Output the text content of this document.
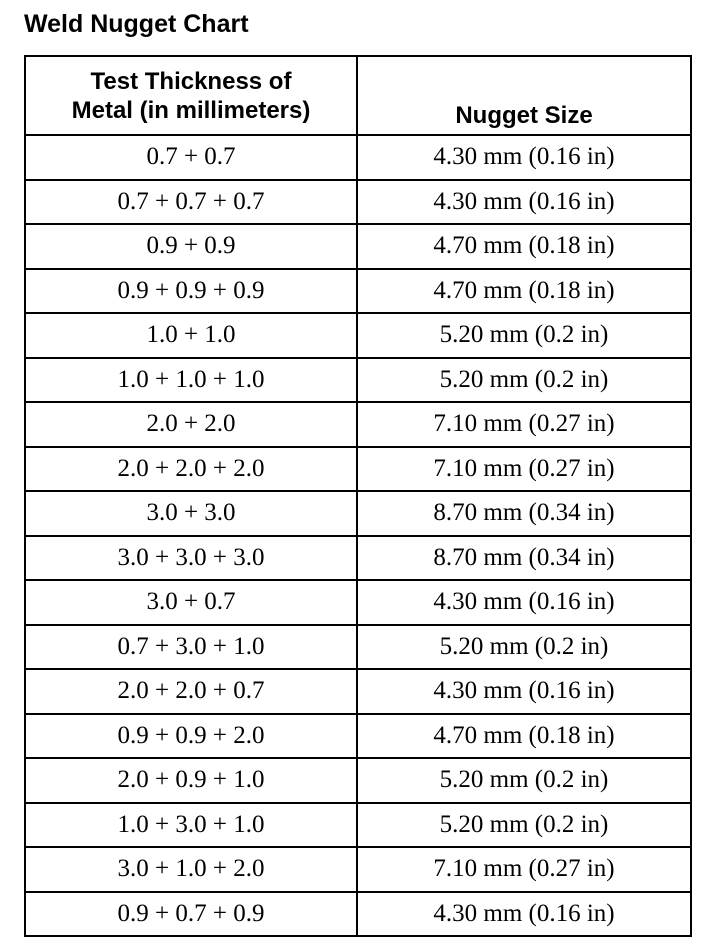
Weld Nugget Chart
Test Thickness of
Metal (in millimeters)	Nugget Size
0.7 + 0.7	4.30 mm (0.16 in)
0.7 + 0.7 + 0.7	4.30 mm (0.16 in)
0.9 + 0.9	4.70 mm (0.18 in)
0.9 + 0.9 + 0.9	4.70 mm (0.18 in)
1.0 + 1.0	5.20 mm (0.2 in)
1.0 + 1.0 + 1.0	5.20 mm (0.2 in)
2.0 + 2.0	7.10 mm (0.27 in)
2.0 + 2.0 + 2.0	7.10 mm (0.27 in)
3.0 + 3.0	8.70 mm (0.34 in)
3.0 + 3.0 + 3.0	8.70 mm (0.34 in)
3.0 + 0.7	4.30 mm (0.16 in)
0.7 + 3.0 + 1.0	5.20 mm (0.2 in)
2.0 + 2.0 + 0.7	4.30 mm (0.16 in)
0.9 + 0.9 + 2.0	4.70 mm (0.18 in)
2.0 + 0.9 + 1.0	5.20 mm (0.2 in)
1.0 + 3.0 + 1.0	5.20 mm (0.2 in)
3.0 + 1.0 + 2.0	7.10 mm (0.27 in)
0.9 + 0.7 + 0.9	4.30 mm (0.16 in)
